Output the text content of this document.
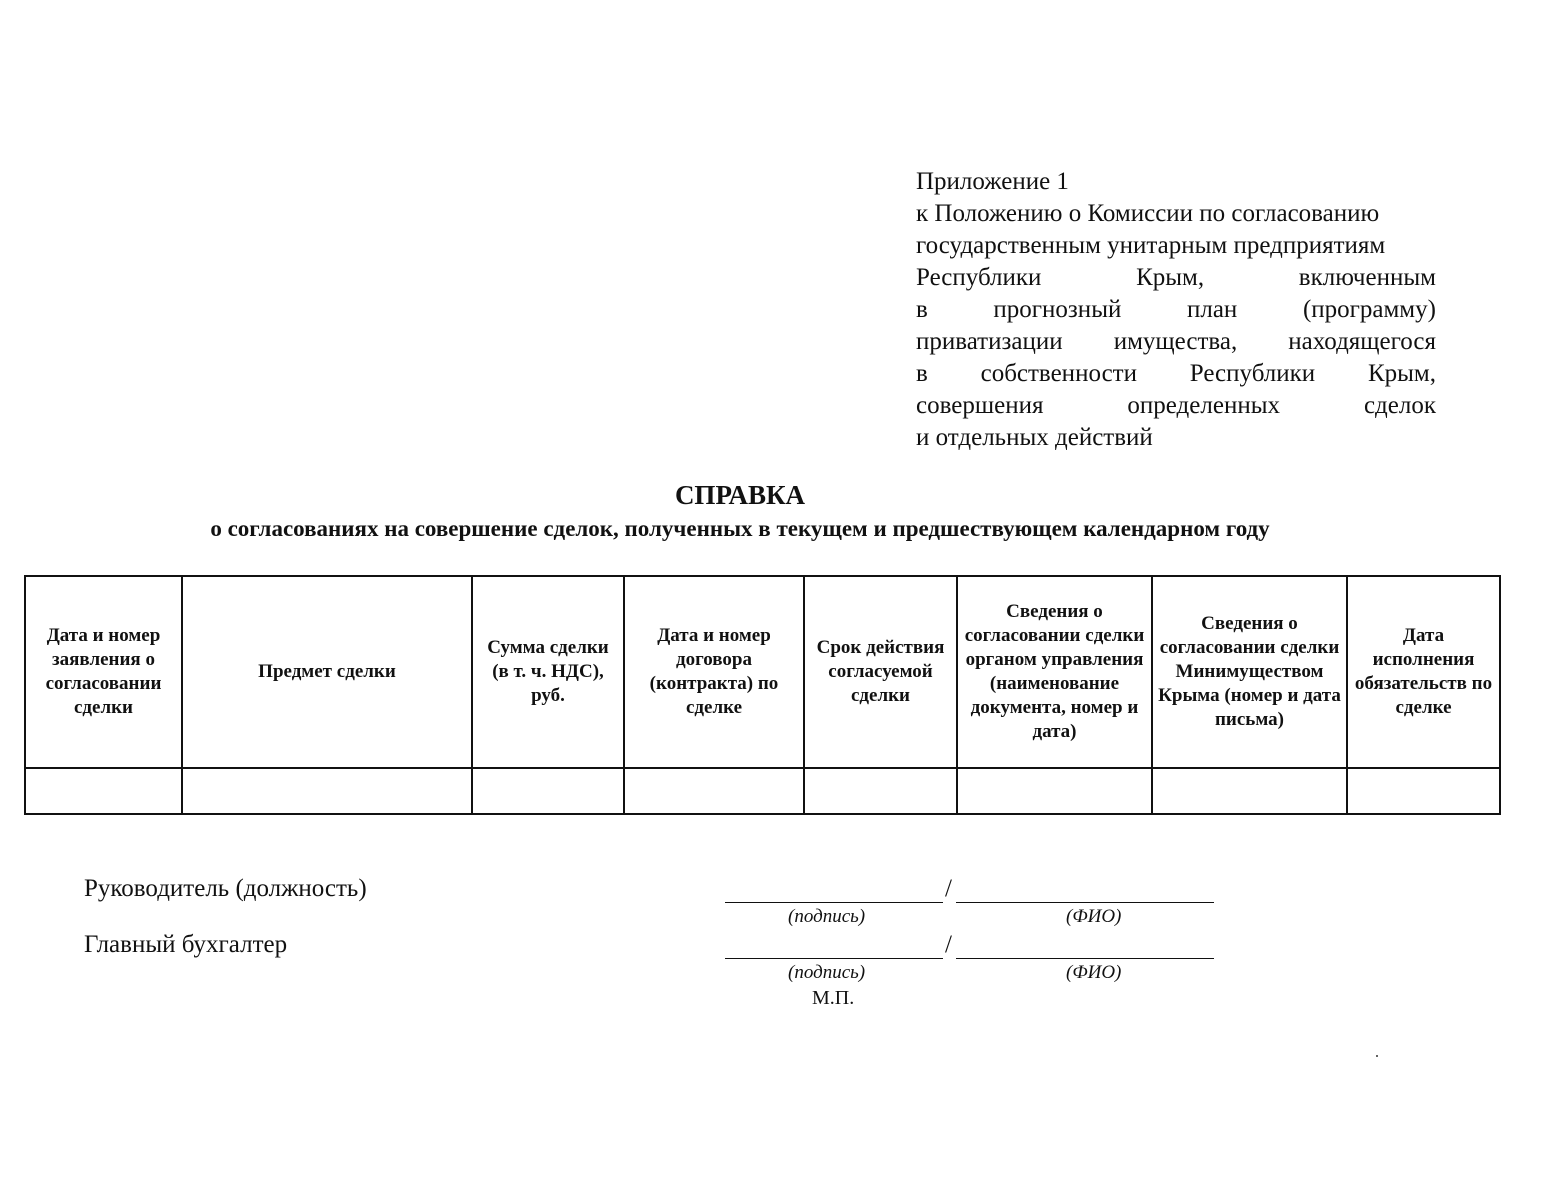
Приложение 1
к Положению о Комиссии по согласованию
государственным унитарным предприятиям
Республики	Крым,	включенным
в	прогнозный	план	(программу)
приватизации имущества, находящегося
в собственности Республики Крым,
совершения	определенных	сделок
и отдельных действий
СПРАВКА
о согласованиях на совершение сделок, полученных в текущем и предшествующем календарном году
Дата и номер заявления о согласовании сделки	Предмет сделки	Сумма сделки (в т. ч. НДС), руб.	Дата и номер договора (контракта) по сделке	Срок действия согласуемой сделки	Сведения о согласовании сделки органом управления (наименование документа, номер и дата)	Сведения о согласовании сделки Минимуществом Крыма (номер и дата письма)	Дата исполнения обязательств по сделке

Руководитель (должность)	/
(подпись)	(ФИО)
Главный бухгалтер	/
(подпись)	(ФИО)
М.П.
